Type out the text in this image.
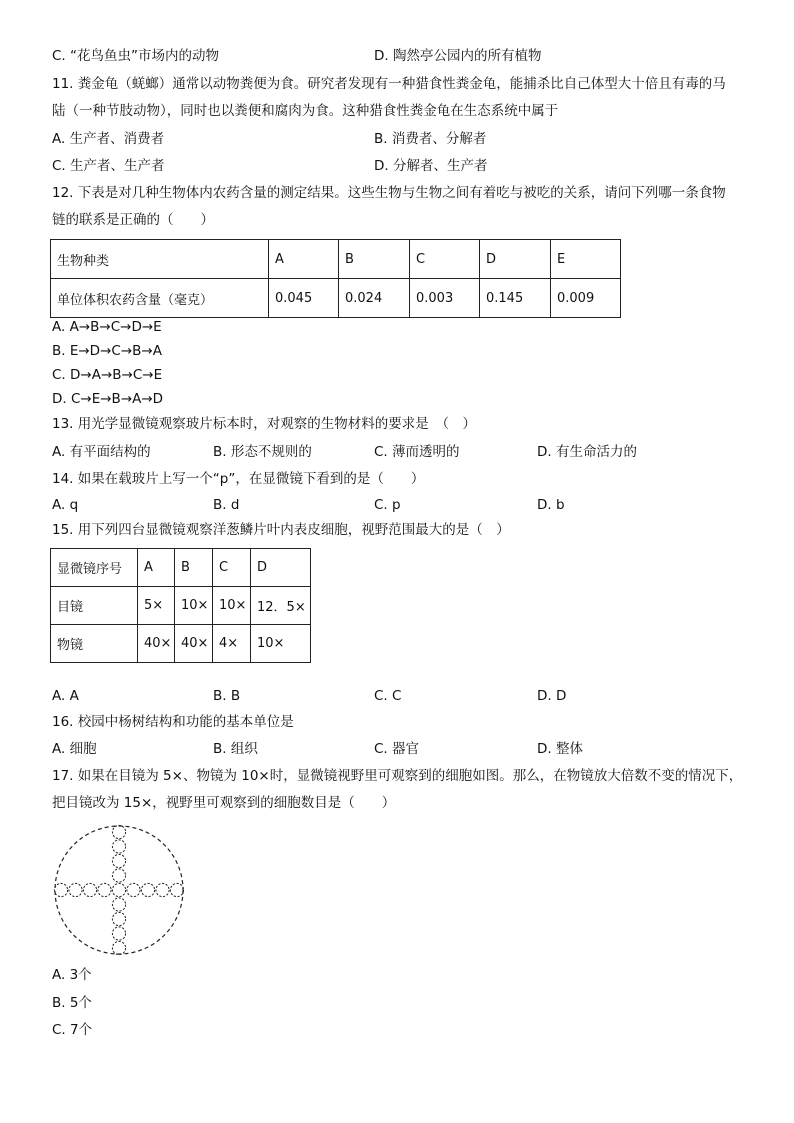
C. “花鸟鱼虫”市场内的动物	D. 陶然亭公园内的所有植物
11. 粪金龟（蜣螂）通常以动物粪便为食。研究者发现有一种猎食性粪金龟，能捕杀比自己体型大十倍且有毒的马
陆（一种节肢动物），同时也以粪便和腐肉为食。这种猎食性粪金龟在生态系统中属于
A. 生产者、消费者	B. 消费者、分解者
C. 生产者、生产者	D. 分解者、生产者
12. 下表是对几种生物体内农药含量的测定结果。这些生物与生物之间有着吃与被吃的关系，请问下列哪一条食物
链的联系是正确的（　　）
生物种类	A	B	C	D	E
单位体积农药含量（毫克）	0.045	0.024	0.003	0.145	0.009
A. A→B→C→D→E
B. E→D→C→B→A
C. D→A→B→C→E
D. C→E→B→A→D
13. 用光学显微镜观察玻片标本时，对观察的生物材料的要求是　（　）
A. 有平面结构的	B. 形态不规则的	C. 薄而透明的	D. 有生命活力的
14. 如果在载玻片上写一个“p”，在显微镜下看到的是（　　）
A. q	B. d	C. p	D. b
15. 用下列四台显微镜观察洋葱鳞片叶内表皮细胞，视野范围最大的是（　）
显微镜序号	A	B	C	D
目镜	5×	10×	10×	12．5×
物镜	40×	40×	4×	10×
A. A	B. B	C. C	D. D
16. 校园中杨树结构和功能的基本单位是
A. 细胞	B. 组织	C. 器官	D. 整体
17. 如果在目镜为 5×、物镜为 10×时，显微镜视野里可观察到的细胞如图。那么，在物镜放大倍数不变的情况下，
把目镜改为 15×，视野里可观察到的细胞数目是（　　）
A. 3个
B. 5个
C. 7个
